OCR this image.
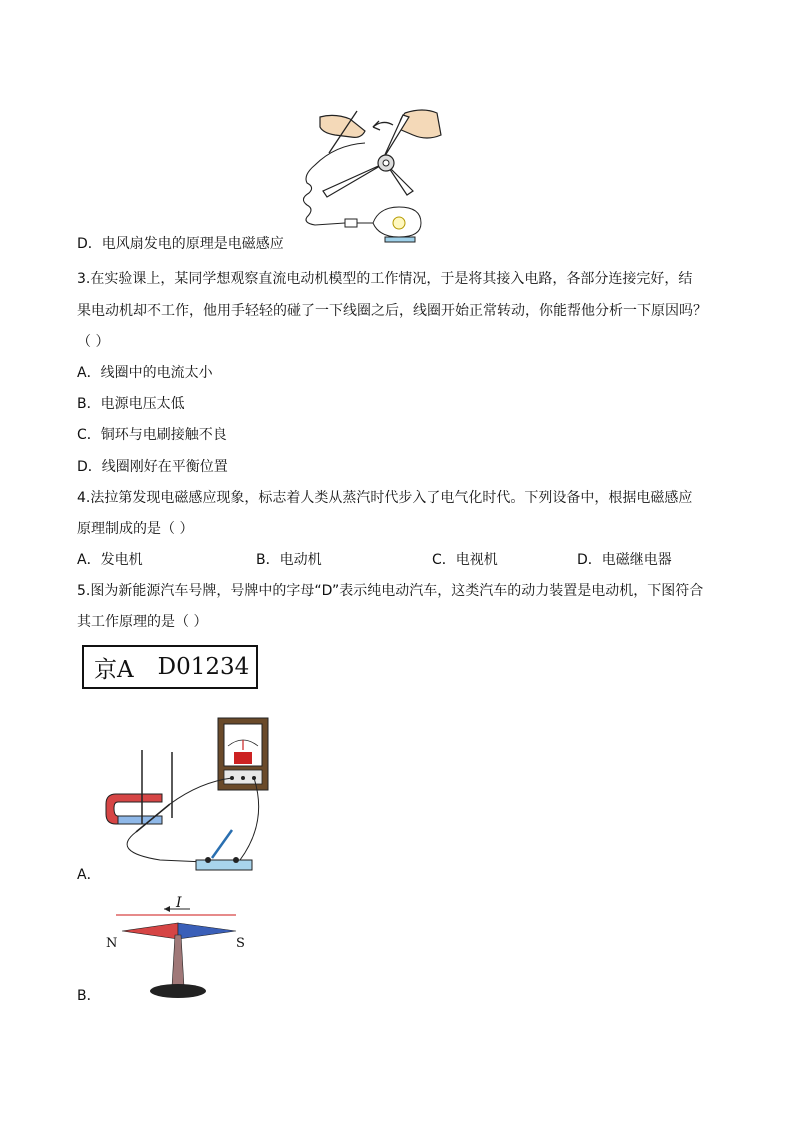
D．电风扇发电的原理是电磁感应
3.在实验课上，某同学想观察直流电动机模型的工作情况，于是将其接入电路，各部分连接完好，结
果电动机却不工作，他用手轻轻的碰了一下线圈之后，线圈开始正常转动，你能帮他分析一下原因吗？
（ ）
A．线圈中的电流太小
B．电源电压太低
C．铜环与电刷接触不良
D．线圈刚好在平衡位置
4.法拉第发现电磁感应现象，标志着人类从蒸汽时代步入了电气化时代。下列设备中，根据电磁感应
原理制成的是（ ）
A．发电机	B．电动机	C．电视机	D．电磁继电器
5.图为新能源汽车号牌，号牌中的字母“D”表示纯电动汽车，这类汽车的动力装置是电动机，下图符合
其工作原理的是（ ）
京A D01234
A．
I
N	S
B．
